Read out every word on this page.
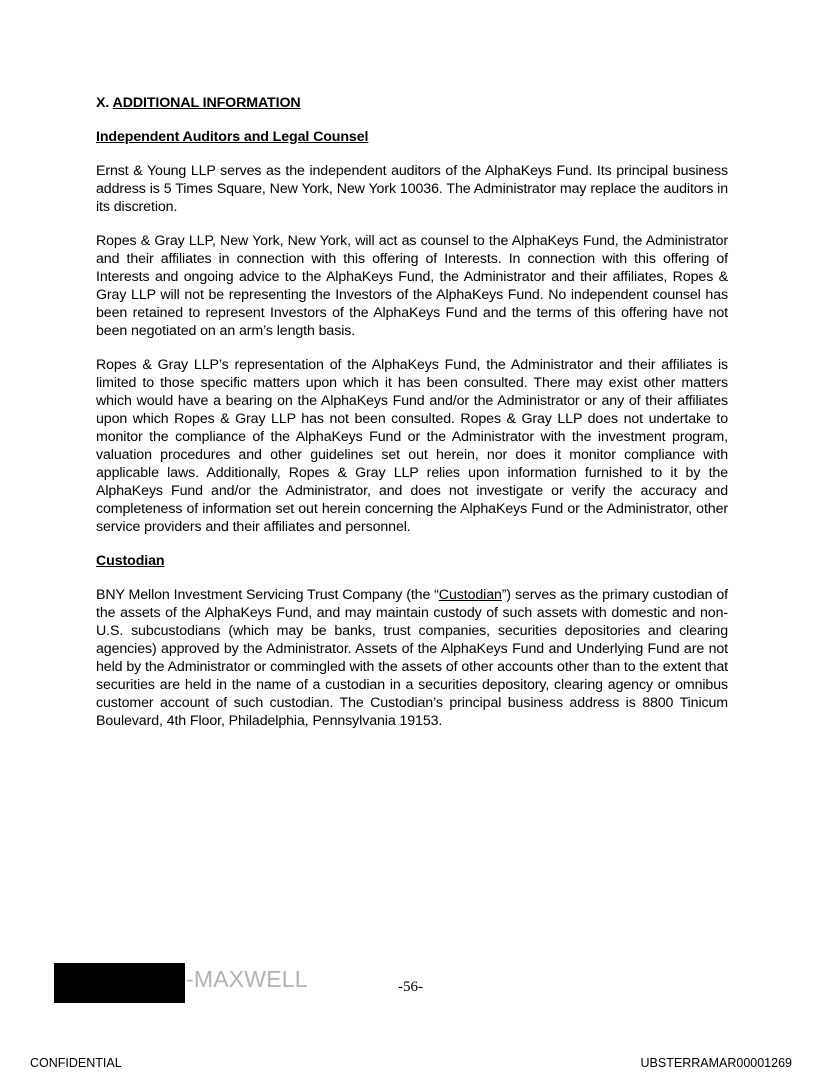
X. ADDITIONAL INFORMATION
Independent Auditors and Legal Counsel

Ernst & Young LLP serves as the independent auditors of the AlphaKeys Fund. Its principal business address is 5 Times Square, New York, New York 10036. The Administrator may replace the auditors in its discretion.

Ropes & Gray LLP, New York, New York, will act as counsel to the AlphaKeys Fund, the Administrator and their affiliates in connection with this offering of Interests. In connection with this offering of Interests and ongoing advice to the AlphaKeys Fund, the Administrator and their affiliates, Ropes & Gray LLP will not be representing the Investors of the AlphaKeys Fund. No independent counsel has been retained to represent Investors of the AlphaKeys Fund and the terms of this offering have not been negotiated on an arm’s length basis.

Ropes & Gray LLP’s representation of the AlphaKeys Fund, the Administrator and their affiliates is limited to those specific matters upon which it has been consulted. There may exist other matters which would have a bearing on the AlphaKeys Fund and/or the Administrator or any of their affiliates upon which Ropes & Gray LLP has not been consulted. Ropes & Gray LLP does not undertake to monitor the compliance of the AlphaKeys Fund or the Administrator with the investment program, valuation procedures and other guidelines set out herein, nor does it monitor compliance with applicable laws. Additionally, Ropes & Gray LLP relies upon information furnished to it by the AlphaKeys Fund and/or the Administrator, and does not investigate or verify the accuracy and completeness of information set out herein concerning the AlphaKeys Fund or the Administrator, other service providers and their affiliates and personnel.

Custodian

BNY Mellon Investment Servicing Trust Company (the “Custodian”) serves as the primary custodian of the assets of the AlphaKeys Fund, and may maintain custody of such assets with domestic and non-U.S. subcustodians (which may be banks, trust companies, securities depositories and clearing agencies) approved by the Administrator. Assets of the AlphaKeys Fund and Underlying Fund are not held by the Administrator or commingled with the assets of other accounts other than to the extent that securities are held in the name of a custodian in a securities depository, clearing agency or omnibus customer account of such custodian. The Custodian’s principal business address is 8800 Tinicum Boulevard, 4th Floor, Philadelphia, Pennsylvania 19153.

-MAXWELL	-56-
CONFIDENTIAL	UBSTERRAMAR00001269
